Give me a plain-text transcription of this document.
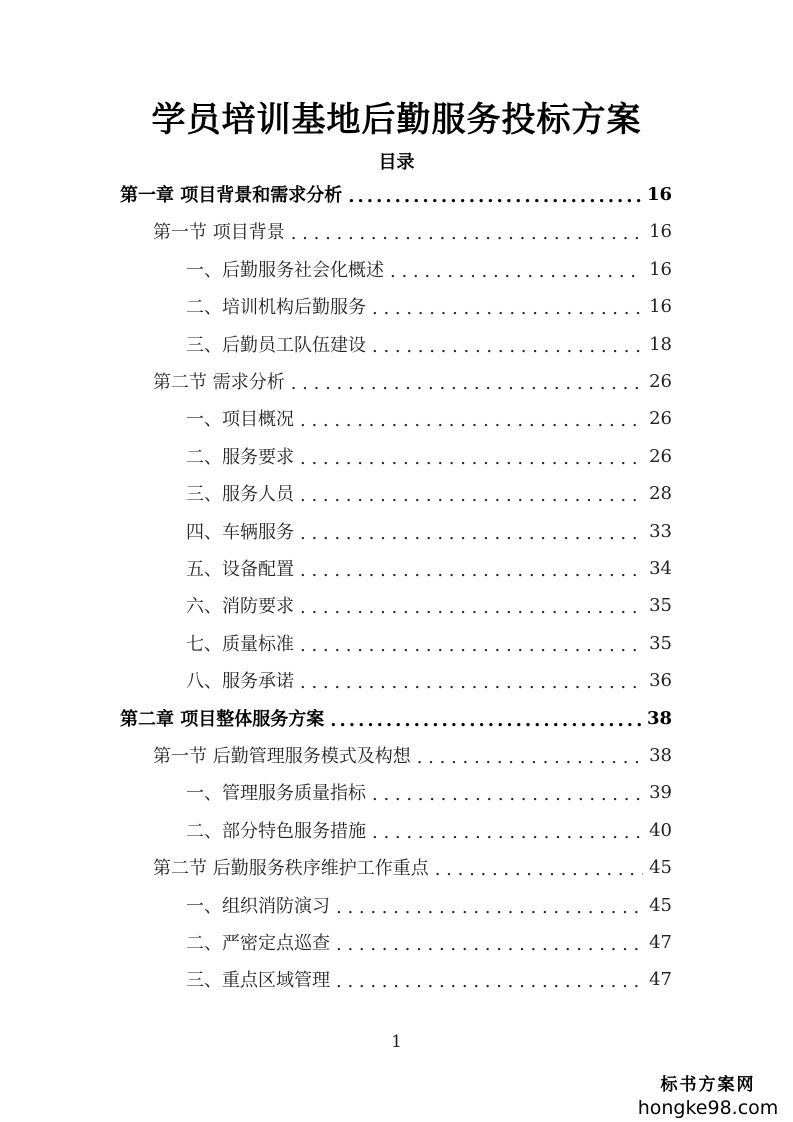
学员培训基地后勤服务投标方案
目录
第一章 项目背景和需求分析 .....	16
第一节 项目背景 . . .	16
一、后勤服务社会化概述 . . .	16
二、培训机构后勤服务 . . .	16
三、后勤员工队伍建设 . . .	18
第二节 需求分析 . . .	26
一、项目概况 . . .	26
二、服务要求 . . .	26
三、服务人员 . . .	28
四、车辆服务 . . .	33
五、设备配置 . . .	34
六、消防要求 . . .	35
七、质量标准 . . .	35
八、服务承诺 . . .	36
第二章 项目整体服务方案 .....	38
第一节 后勤管理服务模式及构想 . . .	38
一、管理服务质量指标 . . .	39
二、部分特色服务措施 . . .	40
第二节 后勤服务秩序维护工作重点 . . .	45
一、组织消防演习 . . .	45
二、严密定点巡查 . . .	47
三、重点区域管理 . . .	47
1
标书方案网
hongke98.com
